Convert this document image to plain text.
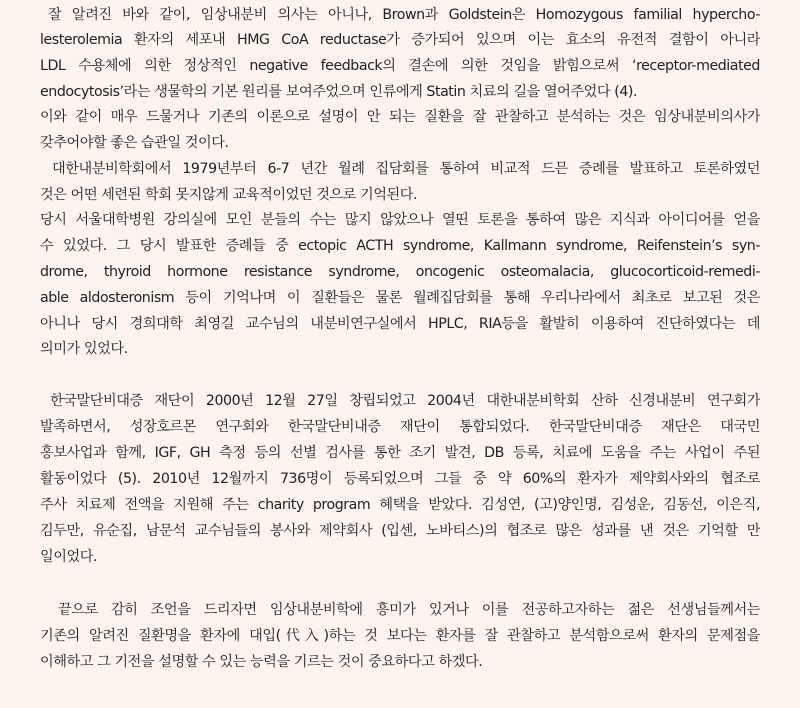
잘 알려진 바와 같이, 임상내분비 의사는 아니나, Brown과 Goldstein은 Homozygous familial hypercho-
lesterolemia 환자의 세포내 HMG CoA reductase가 증가되어 있으며 이는 효소의 유전적 결함이 아니라
LDL 수용체에 의한 정상적인 negative feedback의 결손에 의한 것임을 밝힘으로써 ‘receptor-mediated
endocytosis’라는 생물학의 기본 원리를 보여주었으며 인류에게 Statin 치료의 길을 열어주었다 (4).
이와 같이 매우 드물거나 기존의 이론으로 설명이 안 되는 질환을 잘 관찰하고 분석하는 것은 임상내분비의사가
갖추어야할 좋은 습관일 것이다.
대한내분비학회에서 1979년부터 6-7 년간 월례 집담회를 통하여 비교적 드믄 증례를 발표하고 토론하였던
것은 어떤 세련된 학회 못지않게 교육적이었던 것으로 기억된다.
당시 서울대학병원 강의실에 모인 분들의 수는 많지 않았으나 열띤 토론을 통하여 많은 지식과 아이디어를 얻을
수 있었다. 그 당시 발표한 증례들 중 ectopic ACTH syndrome, Kallmann syndrome, Reifenstein’s syn-
drome, thyroid hormone resistance syndrome, oncogenic osteomalacia, glucocorticoid-remedi-
able aldosteronism 등이 기억나며 이 질환들은 물론 월례집담회를 통해 우리나라에서 최초로 보고된 것은
아니나 당시 경희대학 최영길 교수님의 내분비연구실에서 HPLC, RIA등을 활발히 이용하여 진단하였다는 데
의미가 있었다.
한국말단비대증 재단이 2000년 12월 27일 창립되었고 2004년 대한내분비학회 산하 신경내분비 연구회가
발족하면서, 성장호르몬 연구회와 한국말단비내증 재단이 통합되었다. 한국말단비대증 재단은 대국민
홍보사업과 함께, IGF, GH 측정 등의 선별 검사를 통한 조기 발견, DB 등록, 치료에 도움을 주는 사업이 주된
활동이었다 (5). 2010년 12월까지 736명이 등록되었으며 그들 중 약 60%의 환자가 제약회사와의 협조로
주사 치료제 전액을 지원해 주는 charity program 혜택을 받았다. 김성연, (고)양인명, 김성운, 김동선, 이은직,
김두만, 유순집, 남문석 교수님들의 봉사와 제약회사 (입센, 노바티스)의 협조로 많은 성과를 낸 것은 기억할 만
일이었다.
끝으로 감히 조언을 드리자면 임상내분비학에 흥미가 있거나 이를 전공하고자하는 젊은 선생님들께서는
기존의 알려진 질환명을 환자에 대입(代入)하는 것 보다는 환자를 잘 관찰하고 분석함으로써 환자의 문제점을
이해하고 그 기전을 설명할 수 있는 능력을 기르는 것이 중요하다고 하겠다.
